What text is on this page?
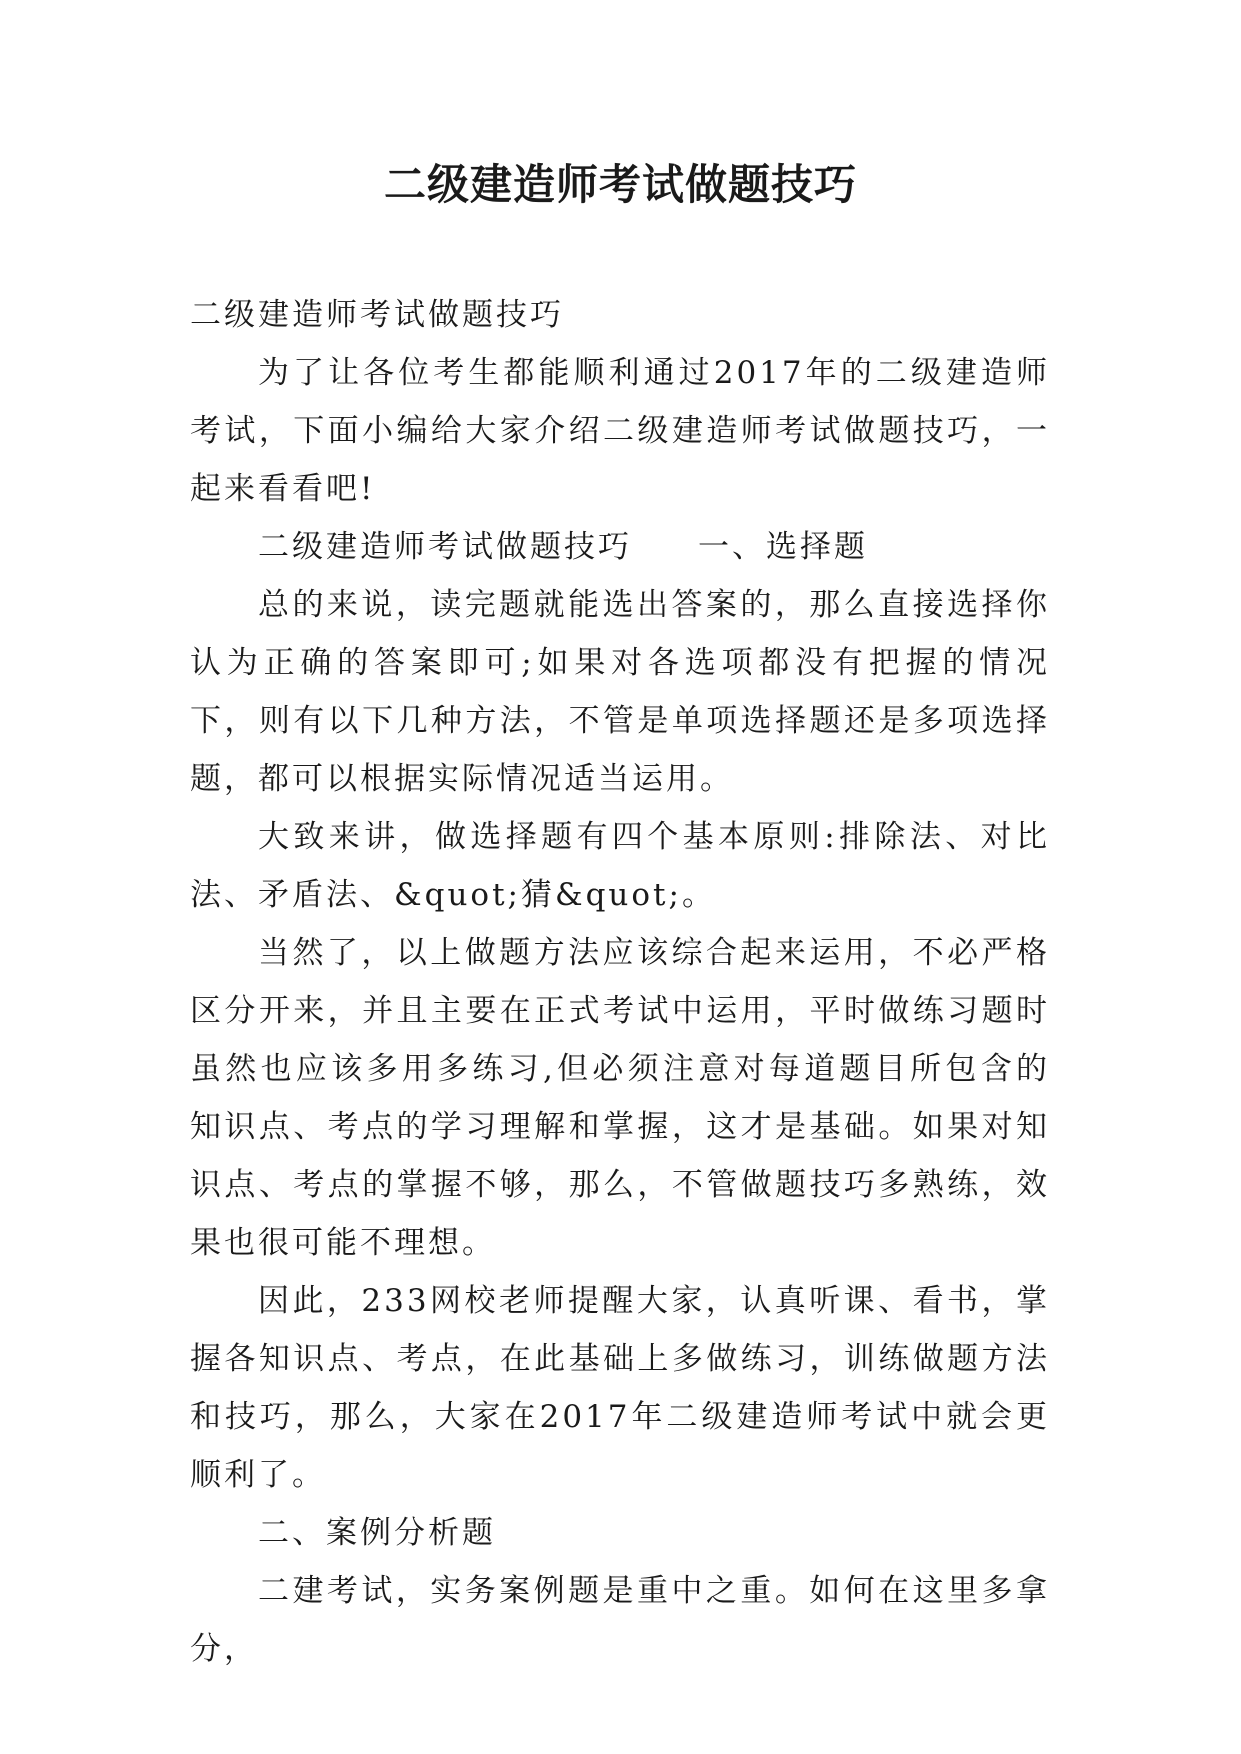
二级建造师考试做题技巧

二级建造师考试做题技巧

为了让各位考生都能顺利通过2017年的二级建造师考试，下面小编给大家介绍二级建造师考试做题技巧，一起来看看吧!

二级建造师考试做题技巧 一、选择题

总的来说，读完题就能选出答案的，那么直接选择你认为正确的答案即可;如果对各选项都没有把握的情况下，则有以下几种方法，不管是单项选择题还是多项选择题，都可以根据实际情况适当运用。

大致来讲，做选择题有四个基本原则:排除法、对比法、矛盾法、&quot;猜&quot;。

当然了，以上做题方法应该综合起来运用，不必严格区分开来，并且主要在正式考试中运用，平时做练习题时虽然也应该多用多练习,但必须注意对每道题目所包含的知识点、考点的学习理解和掌握，这才是基础。如果对知识点、考点的掌握不够，那么，不管做题技巧多熟练，效果也很可能不理想。

因此，233网校老师提醒大家，认真听课、看书，掌握各知识点、考点，在此基础上多做练习，训练做题方法和技巧，那么，大家在2017年二级建造师考试中就会更顺利了。

二、案例分析题

二建考试，实务案例题是重中之重。如何在这里多拿分，
